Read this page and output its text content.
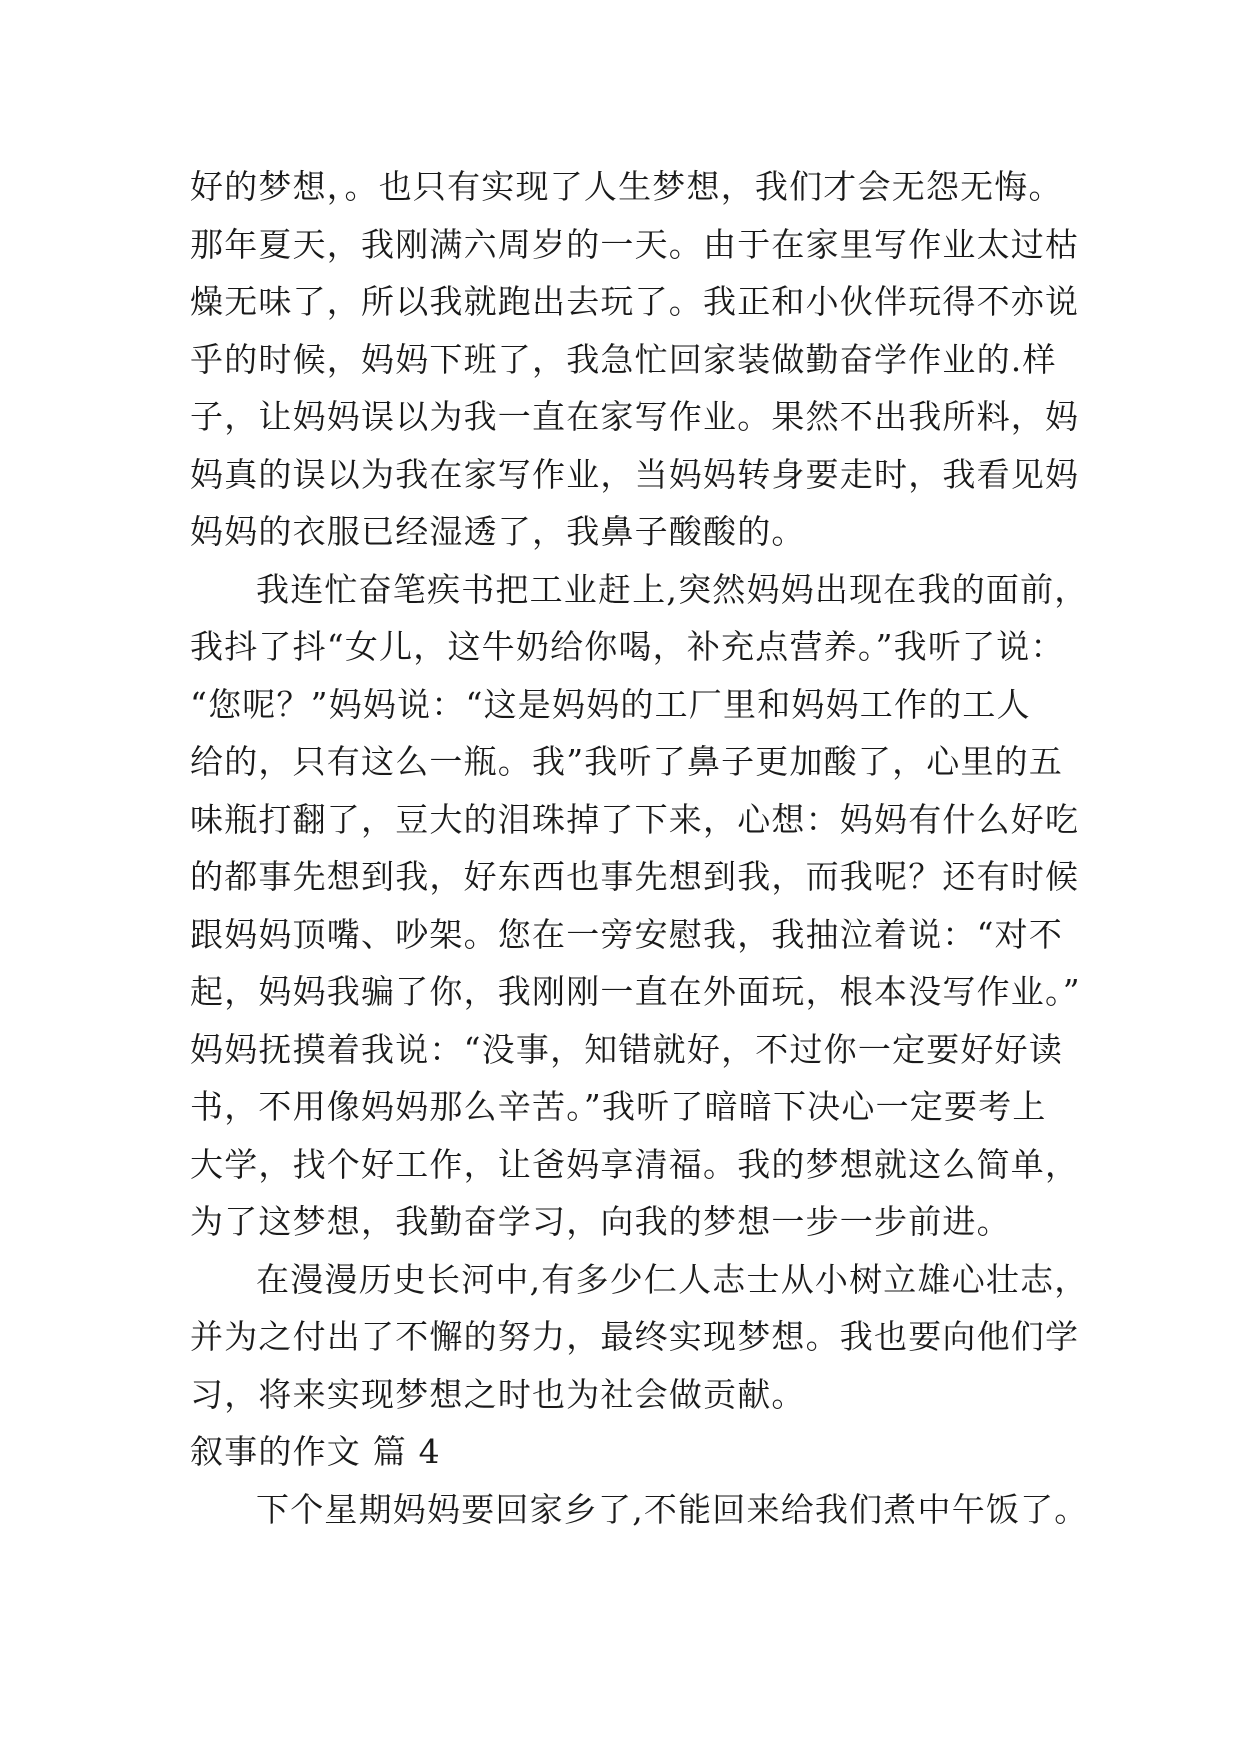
好的梦想，。也只有实现了人生梦想，我们才会无怨无悔。
那年夏天，我刚满六周岁的一天。由于在家里写作业太过枯
燥无味了，所以我就跑出去玩了。我正和小伙伴玩得不亦说
乎的时候，妈妈下班了，我急忙回家装做勤奋学作业的.样
子，让妈妈误以为我一直在家写作业。果然不出我所料，妈
妈真的误以为我在家写作业，当妈妈转身要走时，我看见妈
妈妈的衣服已经湿透了，我鼻子酸酸的。
我连忙奋笔疾书把工业赶上,突然妈妈出现在我的面前，
我抖了抖“女儿，这牛奶给你喝，补充点营养。”我听了说：
“您呢？”妈妈说：“这是妈妈的工厂里和妈妈工作的工人
给的，只有这么一瓶。我”我听了鼻子更加酸了，心里的五
味瓶打翻了，豆大的泪珠掉了下来，心想：妈妈有什么好吃
的都事先想到我，好东西也事先想到我，而我呢？还有时候
跟妈妈顶嘴、吵架。您在一旁安慰我，我抽泣着说：“对不
起，妈妈我骗了你，我刚刚一直在外面玩，根本没写作业。”
妈妈抚摸着我说：“没事，知错就好，不过你一定要好好读
书，不用像妈妈那么辛苦。”我听了暗暗下决心一定要考上
大学，找个好工作，让爸妈享清福。我的梦想就这么简单，
为了这梦想，我勤奋学习，向我的梦想一步一步前进。
在漫漫历史长河中,有多少仁人志士从小树立雄心壮志，
并为之付出了不懈的努力，最终实现梦想。我也要向他们学
习，将来实现梦想之时也为社会做贡献。
叙事的作文 篇 4
下个星期妈妈要回家乡了,不能回来给我们煮中午饭了。
